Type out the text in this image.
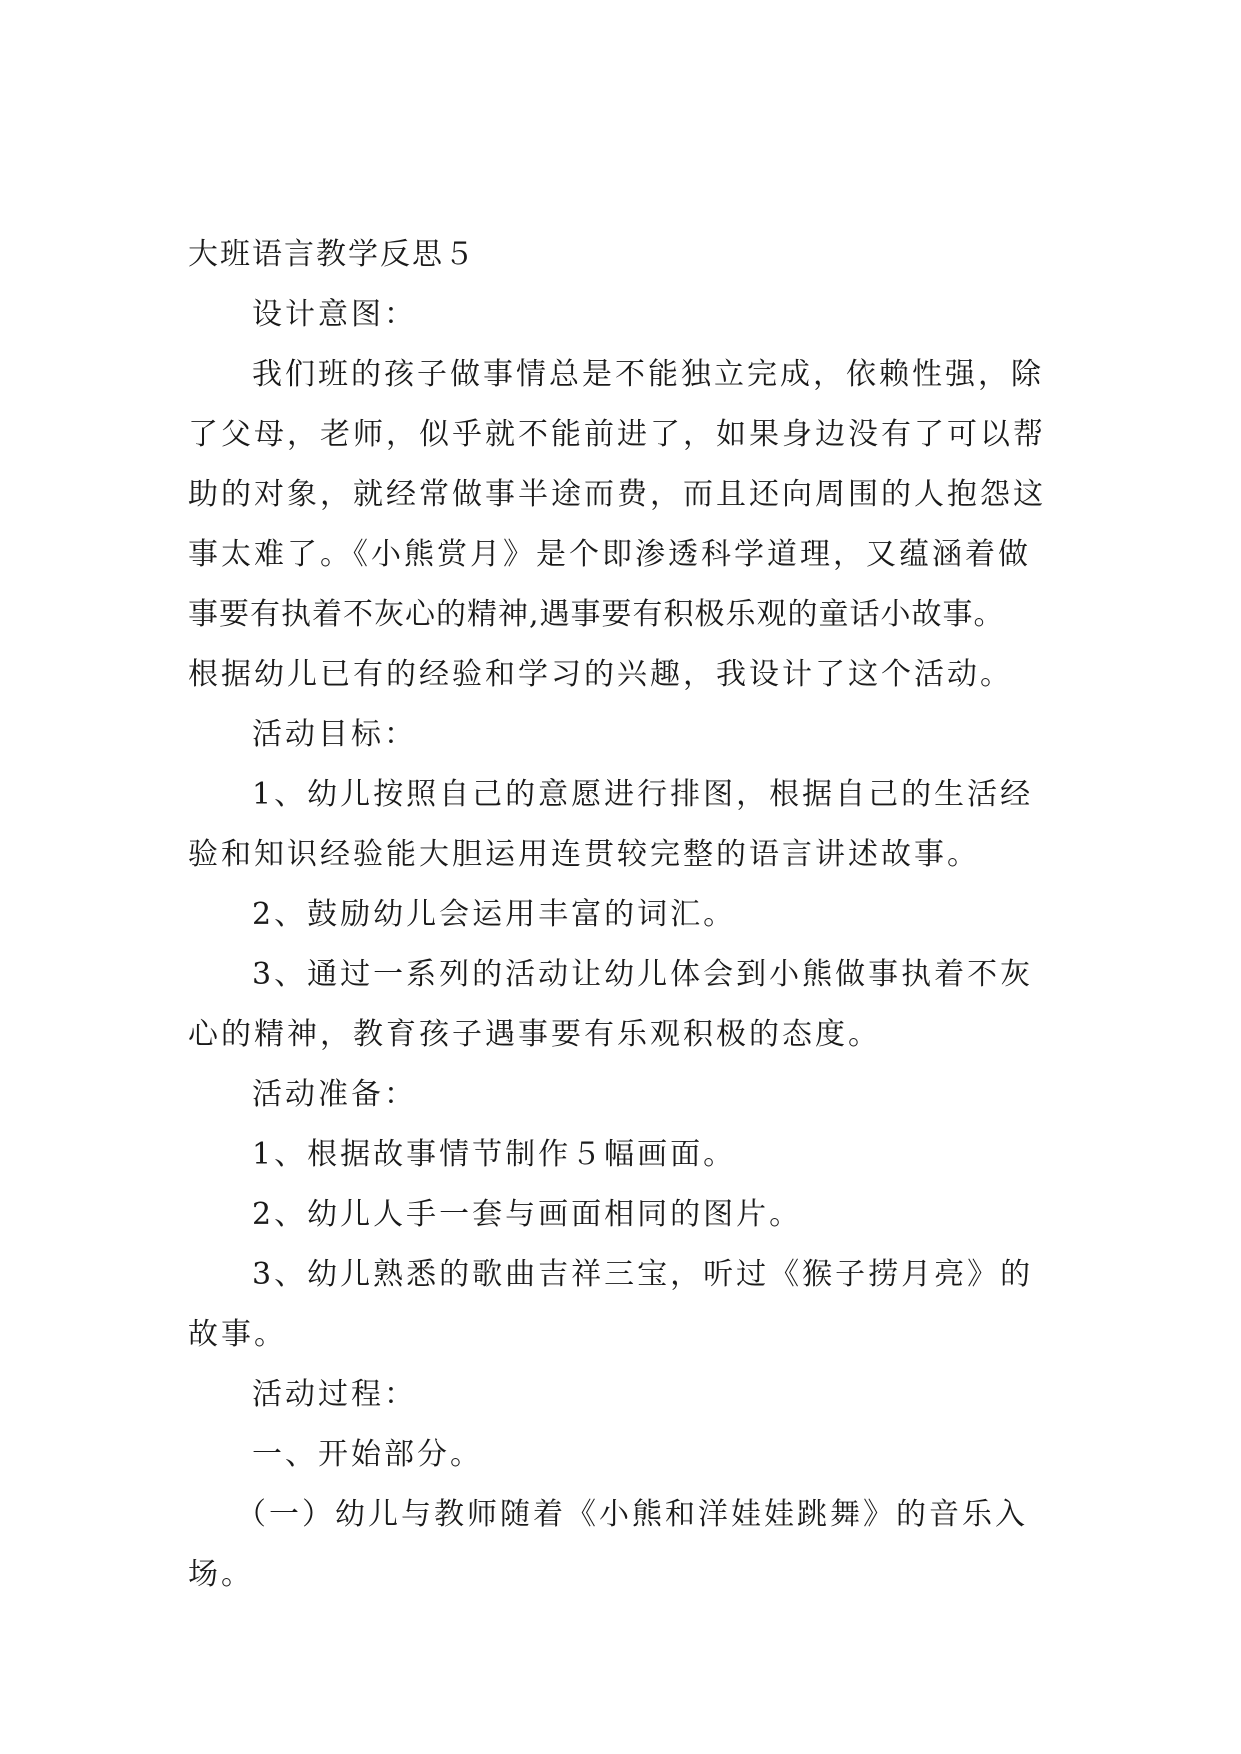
大班语言教学反思５
设计意图：
我们班的孩子做事情总是不能独立完成，依赖性强，除
了父母，老师，似乎就不能前进了，如果身边没有了可以帮
助的对象，就经常做事半途而费，而且还向周围的人抱怨这
事太难了。《小熊赏月》是个即渗透科学道理，又蕴涵着做
事要有执着不灰心的精神,遇事要有积极乐观的童话小故事。
根据幼儿已有的经验和学习的兴趣，我设计了这个活动。
活动目标：
1、幼儿按照自己的意愿进行排图，根据自己的生活经
验和知识经验能大胆运用连贯较完整的语言讲述故事。
2、鼓励幼儿会运用丰富的词汇。
3、通过一系列的活动让幼儿体会到小熊做事执着不灰
心的精神，教育孩子遇事要有乐观积极的态度。
活动准备：
1、根据故事情节制作５幅画面。
2、幼儿人手一套与画面相同的图片。
3、幼儿熟悉的歌曲吉祥三宝，听过《猴子捞月亮》的
故事。
活动过程：
一、开始部分。
（一）幼儿与教师随着《小熊和洋娃娃跳舞》的音乐入
场。
